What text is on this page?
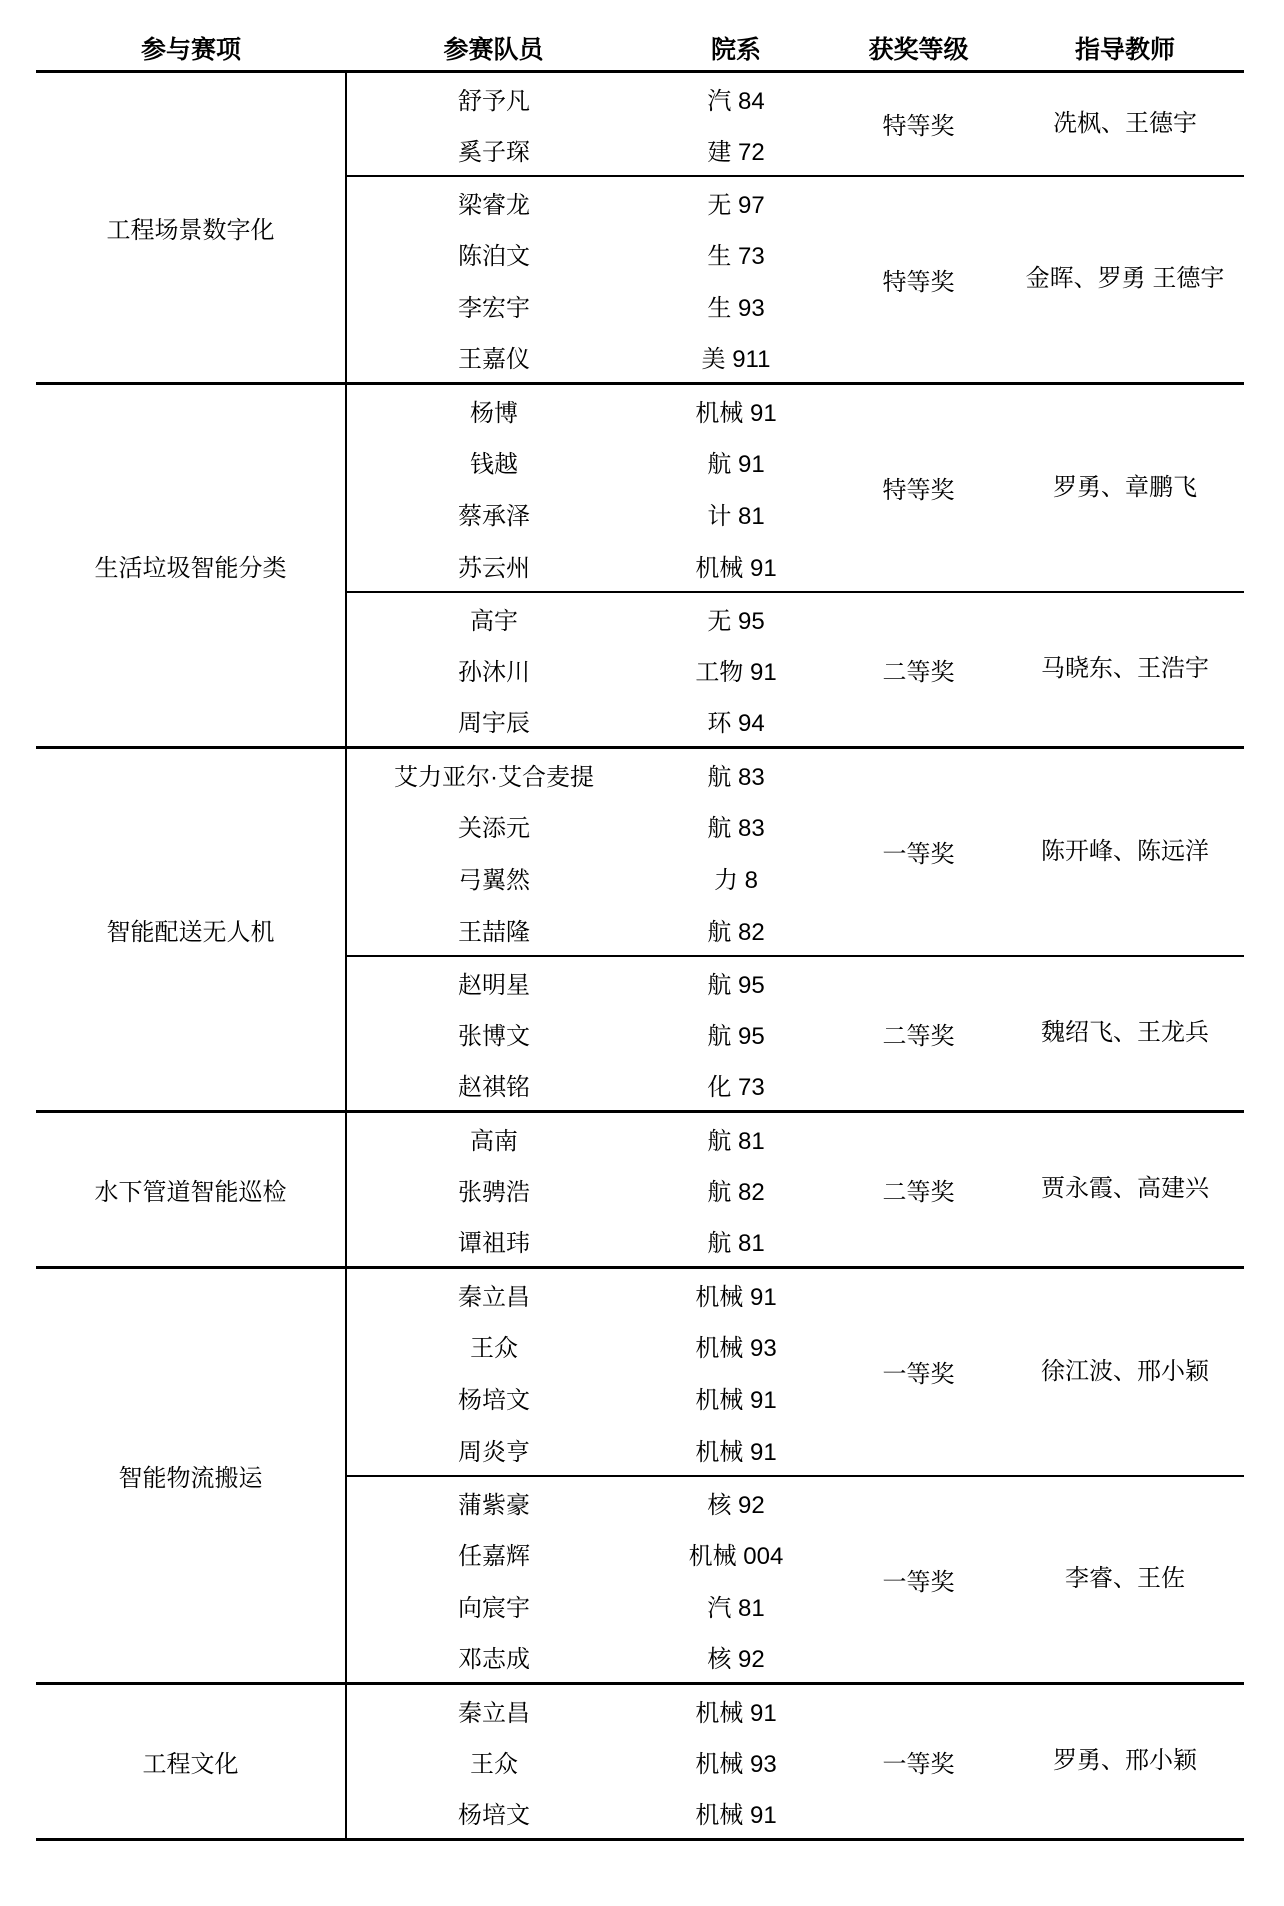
参与赛项	参赛队员	院系	获奖等级	指导教师
工程场景数字化	舒予凡	汽 84	特等奖	冼枫、王德宇
	奚子琛	建 72		
	梁睿龙	无 97	特等奖	金晖、罗勇 王德宇
	陈泊文	生 73		
	李宏宇	生 93		
	王嘉仪	美 911		
生活垃圾智能分类	杨博	机械 91	特等奖	罗勇、章鹏飞
	钱越	航 91		
	蔡承泽	计 81		
	苏云州	机械 91		
	高宇	无 95	二等奖	马晓东、王浩宇
	孙沐川	工物 91		
	周宇辰	环 94		
智能配送无人机	艾力亚尔·艾合麦提	航 83	一等奖	陈开峰、陈远洋
	关添元	航 83		
	弓翼然	力 8		
	王喆隆	航 82		
	赵明星	航 95	二等奖	魏绍飞、王龙兵
	张博文	航 95		
	赵祺铭	化 73		
水下管道智能巡检	高南	航 81	二等奖	贾永霞、高建兴
	张骋浩	航 82		
	谭祖玮	航 81		
智能物流搬运	秦立昌	机械 91	一等奖	徐江波、邢小颖
	王众	机械 93		
	杨培文	机械 91		
	周炎亨	机械 91		
	蒲紫豪	核 92	一等奖	李睿、王佐
	任嘉辉	机械 004		
	向宸宇	汽 81		
	邓志成	核 92		
工程文化	秦立昌	机械 91	一等奖	罗勇、邢小颖
	王众	机械 93		
	杨培文	机械 91		
